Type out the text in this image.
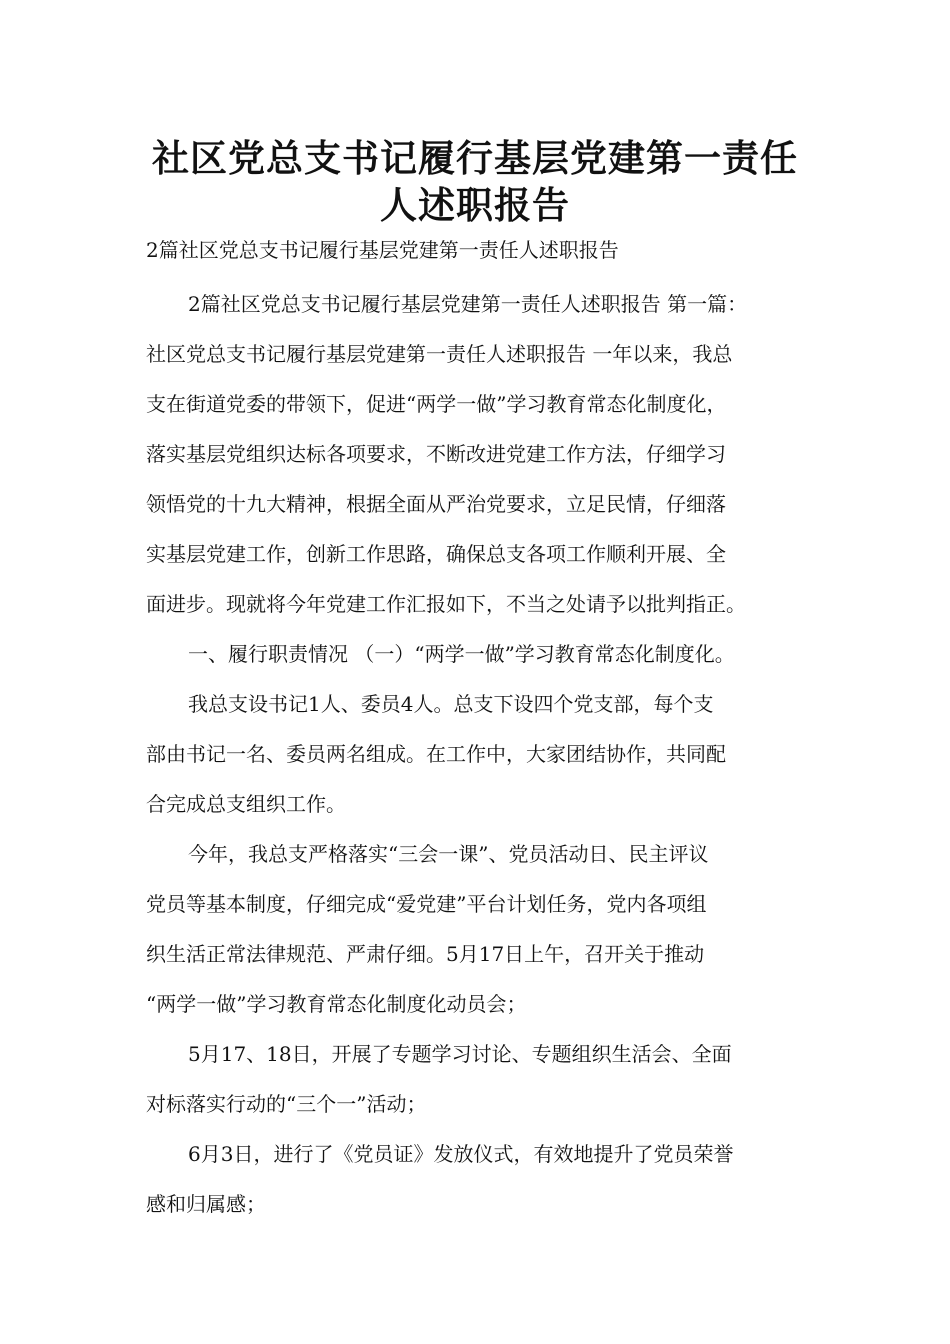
社区党总支书记履行基层党建第一责任
人述职报告

2篇社区党总支书记履行基层党建第一责任人述职报告

2篇社区党总支书记履行基层党建第一责任人述职报告 第一篇：

社区党总支书记履行基层党建第一责任人述职报告 一年以来，我总

支在街道党委的带领下，促进“两学一做”学习教育常态化制度化，

落实基层党组织达标各项要求，不断改进党建工作方法，仔细学习

领悟党的十九大精神，根据全面从严治党要求，立足民情，仔细落

实基层党建工作，创新工作思路，确保总支各项工作顺利开展、全

面进步。现就将今年党建工作汇报如下，不当之处请予以批判指正。

一、履行职责情况 （一）“两学一做”学习教育常态化制度化。

我总支设书记1人、委员4人。总支下设四个党支部，每个支

部由书记一名、委员两名组成。在工作中，大家团结协作，共同配

合完成总支组织工作。

今年，我总支严格落实“三会一课”、党员活动日、民主评议

党员等基本制度，仔细完成“爱党建”平台计划任务，党内各项组

织生活正常法律规范、严肃仔细。5月17日上午，召开关于推动

“两学一做”学习教育常态化制度化动员会；

5月17、18日，开展了专题学习讨论、专题组织生活会、全面

对标落实行动的“三个一”活动；

6月3日，进行了《党员证》发放仪式，有效地提升了党员荣誉

感和归属感；
